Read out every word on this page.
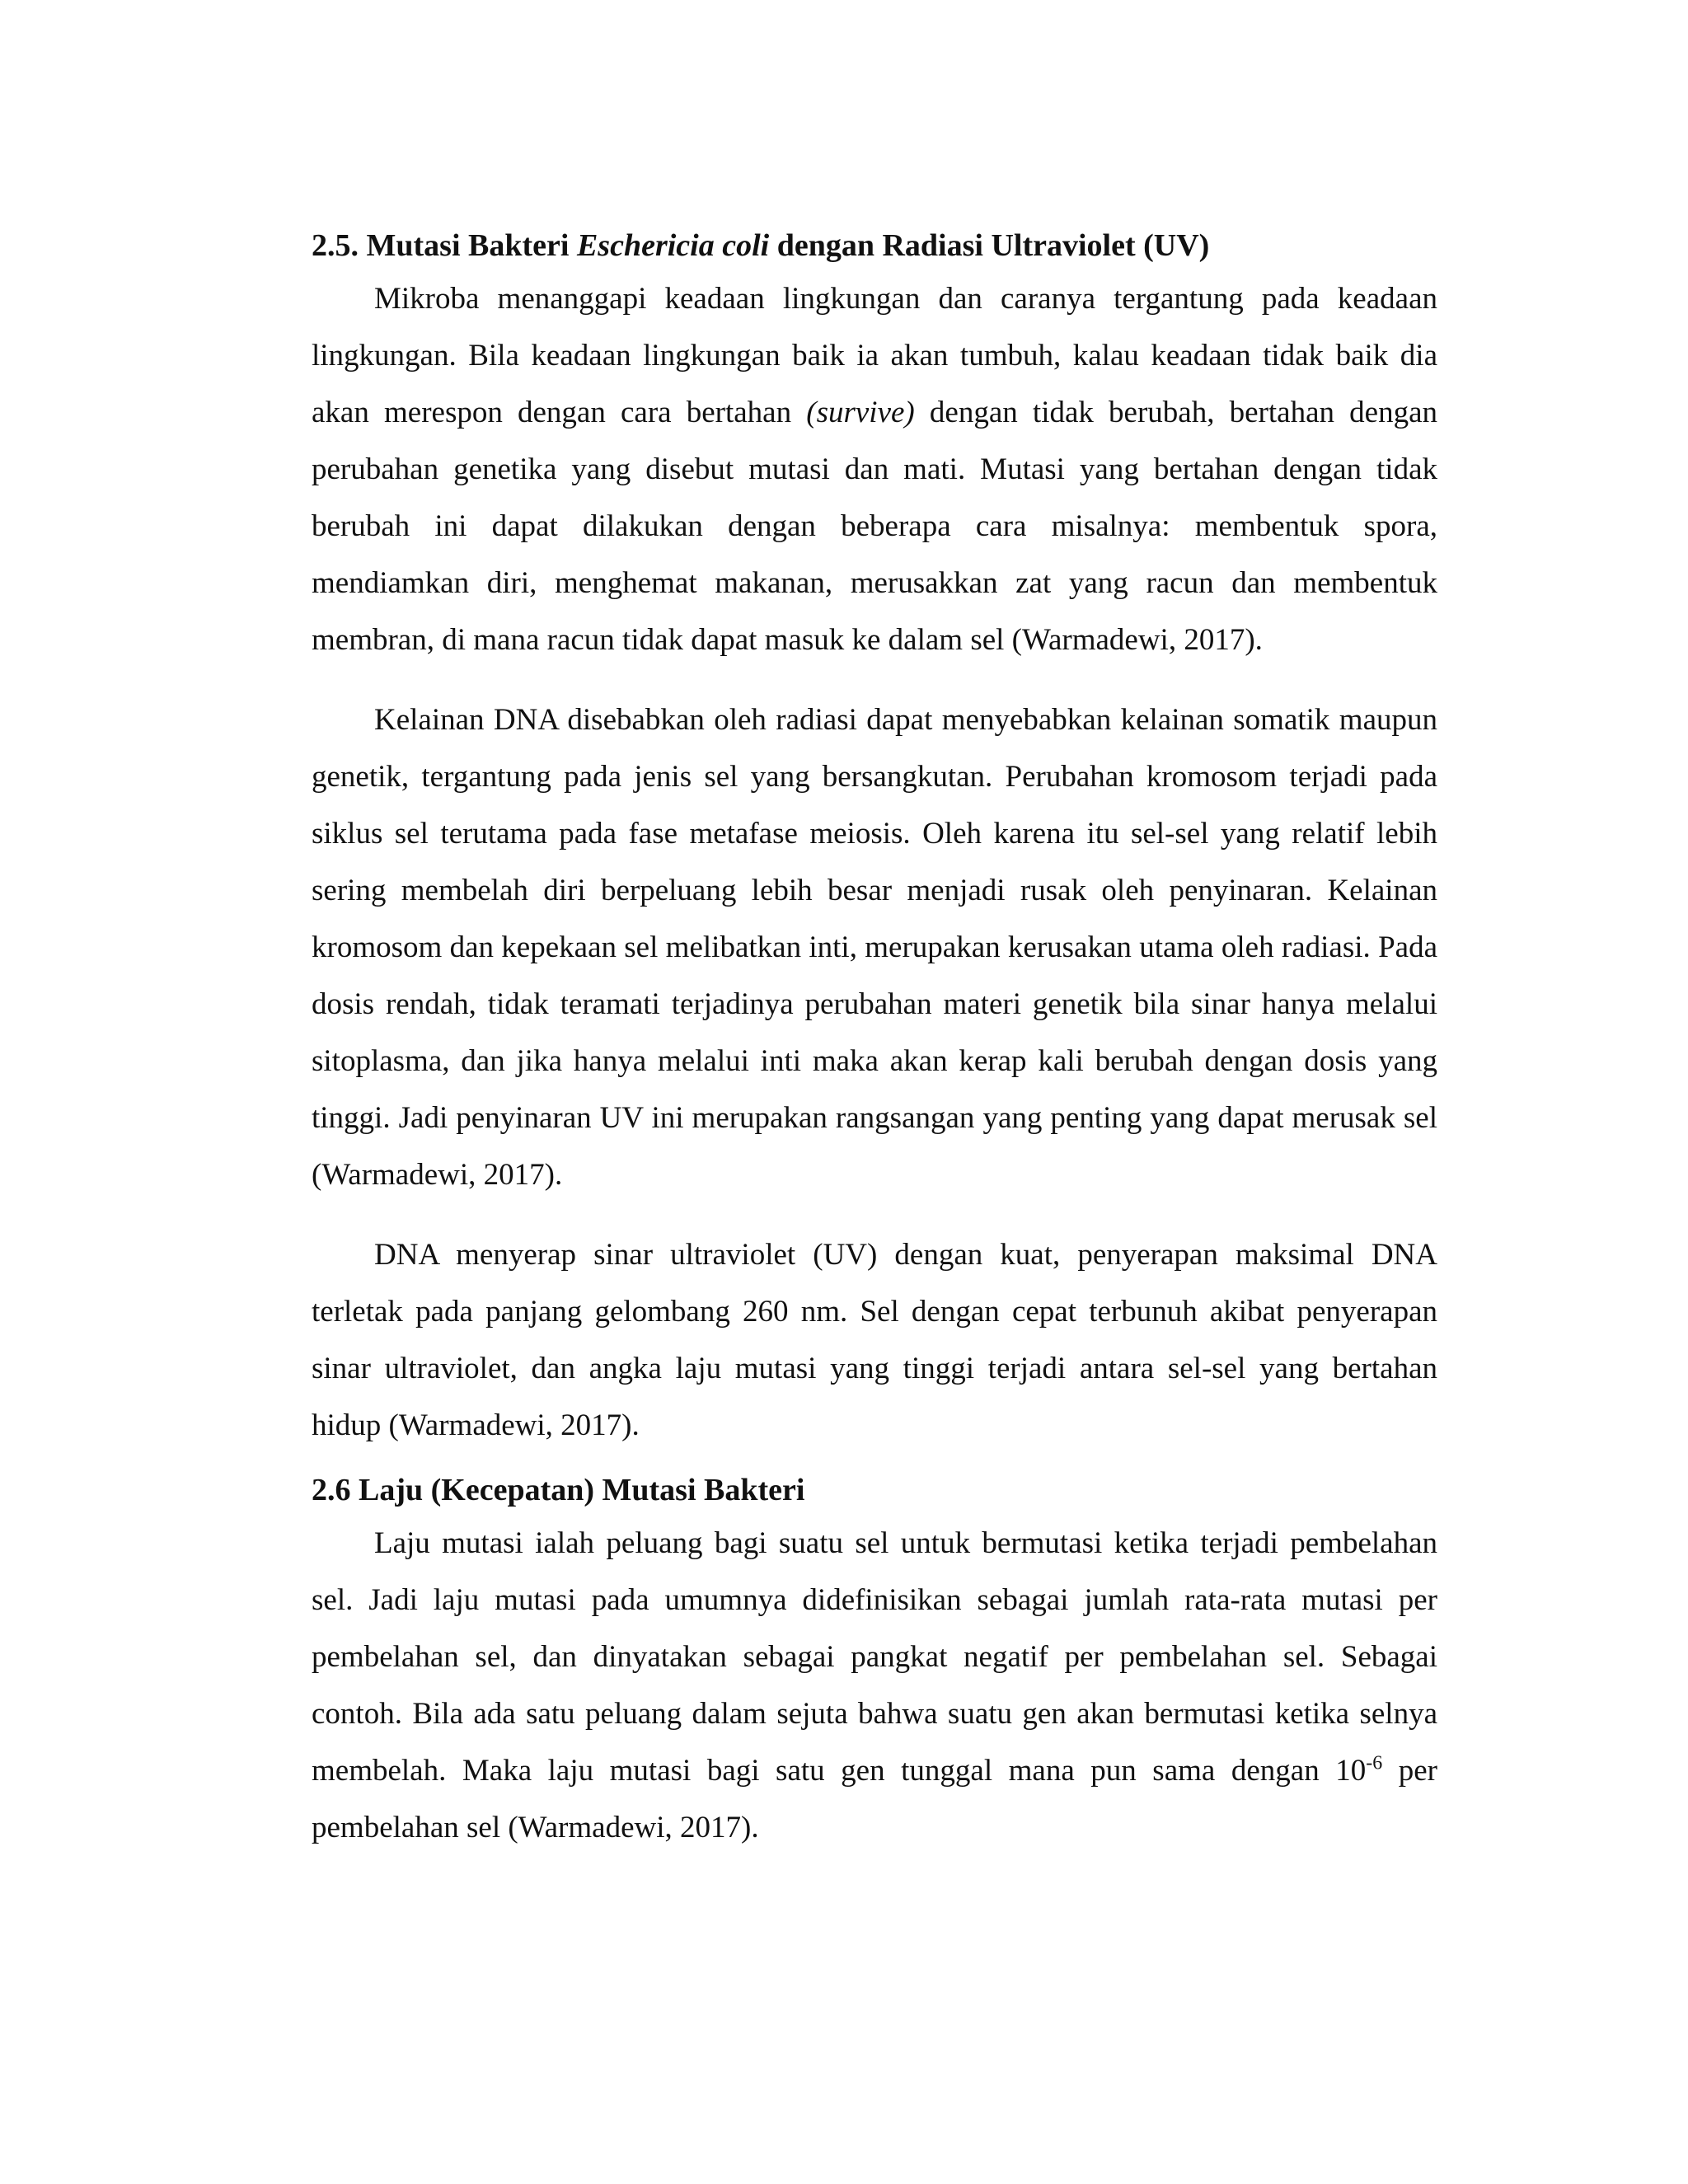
2.5. Mutasi Bakteri Eschericia coli dengan Radiasi Ultraviolet (UV)

Mikroba menanggapi keadaan lingkungan dan caranya tergantung pada keadaan lingkungan. Bila keadaan lingkungan baik ia akan tumbuh, kalau keadaan tidak baik dia akan merespon dengan cara bertahan (survive) dengan tidak berubah, bertahan dengan perubahan genetika yang disebut mutasi dan mati. Mutasi yang bertahan dengan tidak berubah ini dapat dilakukan dengan beberapa cara misalnya: membentuk spora, mendiamkan diri, menghemat makanan, merusakkan zat yang racun dan membentuk membran, di mana racun tidak dapat masuk ke dalam sel (Warmadewi, 2017).

Kelainan DNA disebabkan oleh radiasi dapat menyebabkan kelainan somatik maupun genetik, tergantung pada jenis sel yang bersangkutan. Perubahan kromosom terjadi pada siklus sel terutama pada fase metafase meiosis. Oleh karena itu sel-sel yang relatif lebih sering membelah diri berpeluang lebih besar menjadi rusak oleh penyinaran. Kelainan kromosom dan kepekaan sel melibatkan inti, merupakan kerusakan utama oleh radiasi. Pada dosis rendah, tidak teramati terjadinya perubahan materi genetik bila sinar hanya melalui sitoplasma, dan jika hanya melalui inti maka akan kerap kali berubah dengan dosis yang tinggi. Jadi penyinaran UV ini merupakan rangsangan yang penting yang dapat merusak sel (Warmadewi, 2017).

DNA menyerap sinar ultraviolet (UV) dengan kuat, penyerapan maksimal DNA terletak pada panjang gelombang 260 nm. Sel dengan cepat terbunuh akibat penyerapan sinar ultraviolet, dan angka laju mutasi yang tinggi terjadi antara sel-sel yang bertahan hidup (Warmadewi, 2017).

2.6 Laju (Kecepatan) Mutasi Bakteri

Laju mutasi ialah peluang bagi suatu sel untuk bermutasi ketika terjadi pembelahan sel. Jadi laju mutasi pada umumnya didefinisikan sebagai jumlah rata-rata mutasi per pembelahan sel, dan dinyatakan sebagai pangkat negatif per pembelahan sel. Sebagai contoh. Bila ada satu peluang dalam sejuta bahwa suatu gen akan bermutasi ketika selnya membelah. Maka laju mutasi bagi satu gen tunggal mana pun sama dengan $10^{-6}$ per pembelahan sel (Warmadewi, 2017).
